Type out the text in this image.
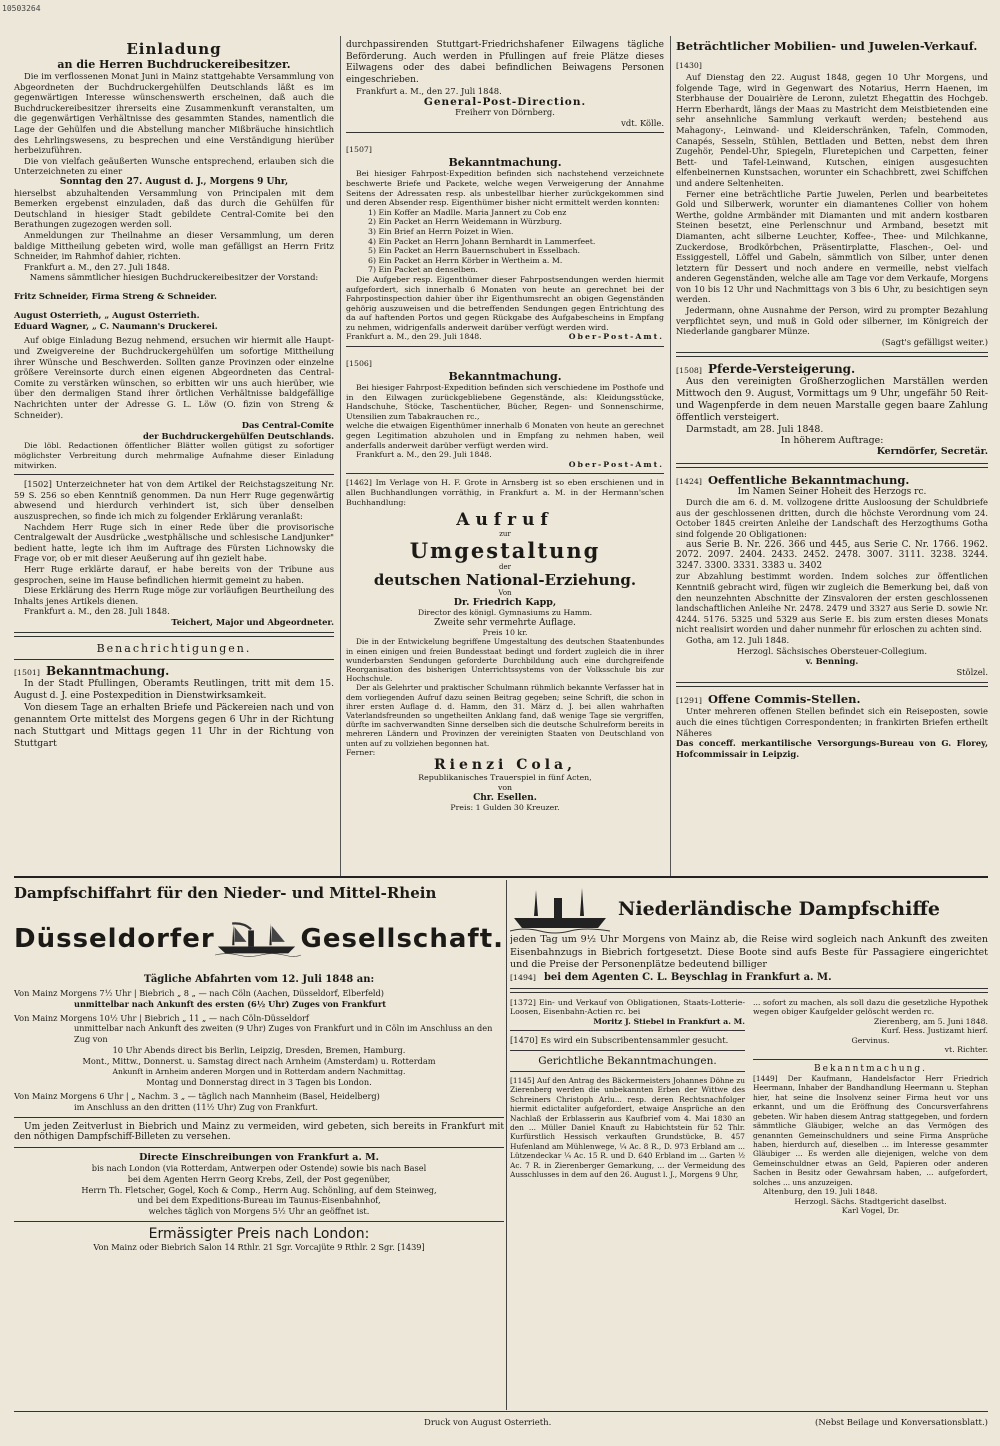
10503264
Einladung
an die Herren Buchdruckereibesitzer.

Die im verflossenen Monat Juni in Mainz stattgehabte Versammlung von Abgeordneten der Buchdruckergehülfen Deutschlands läßt es im gegenwärtigen Interesse wünschenswerth erscheinen, daß auch die Buchdruckereibesitzer ihrerseits eine Zusammenkunft veranstalten, um die gegenwärtigen Verhältnisse des gesammten Standes, namentlich die Lage der Gehülfen und die Abstellung mancher Mißbräuche hinsichtlich des Lehrlingswesens, zu besprechen und eine Verständigung hierüber herbeizuführen.

Die von vielfach geäußerten Wunsche entsprechend, erlauben sich die Unterzeichneten zu einer

Sonntag den 27. August d. J., Morgens 9 Uhr,

hierselbst abzuhaltenden Versammlung von Principalen mit dem Bemerken ergebenst einzuladen, daß das durch die Gehülfen für Deutschland in hiesiger Stadt gebildete Central-Comite bei den Berathungen zugezogen werden soll.

Anmeldungen zur Theilnahme an dieser Versammlung, um deren baldige Mittheilung gebeten wird, wolle man gefälligst an Herrn Fritz Schneider, im Rahmhof dahier, richten.

Frankfurt a. M., den 27. Juli 1848.

Namens sämmtlicher hiesigen Buchdruckereibesitzer der Vorstand:

Fritz Schneider, Firma Streng & Schneider.

August Osterrieth, „ August Osterrieth.

Eduard Wagner, „ C. Naumann's Druckerei.

Auf obige Einladung Bezug nehmend, ersuchen wir hiermit alle Haupt- und Zweigvereine der Buchdruckergehülfen um sofortige Mittheilung ihrer Wünsche und Beschwerden. Sollten ganze Provinzen oder einzelne größere Vereinsorte durch einen eigenen Abgeordneten das Central-Comite zu verstärken wünschen, so erbitten wir uns auch hierüber, wie über den dermaligen Stand ihrer örtlichen Verhältnisse baldgefällige Nachrichten unter der Adresse G. L. Löw (O. fizin von Streng & Schneider).

Das Central-Comite

der Buchdruckergehülfen Deutschlands.

Die löbl. Redactionen öffentlicher Blätter wollen gütigst zu sofortiger möglichster Verbreitung durch mehrmalige Aufnahme dieser Einladung mitwirken.

[1502] Unterzeichneter hat von dem Artikel der Reichstagszeitung Nr. 59 S. 256 so eben Kenntniß genommen. Da nun Herr Ruge gegenwärtig abwesend und hierdurch verhindert ist, sich über denselben auszusprechen, so finde ich mich zu folgender Erklärung veranlaßt:

Nachdem Herr Ruge sich in einer Rede über die provisorische Centralgewalt der Ausdrücke „westphälische und schlesische Landjunker" bedient hatte, legte ich ihm im Auftrage des Fürsten Lichnowsky die Frage vor, ob er mit dieser Aeußerung auf ihn gezielt habe.

Herr Ruge erklärte darauf, er habe bereits von der Tribune aus gesprochen, seine im Hause befindlichen hiermit gemeint zu haben.

Diese Erklärung des Herrn Ruge möge zur vorläufigen Beurtheilung des Inhalts jenes Artikels dienen.

Frankfurt a. M., den 28. Juli 1848.

Teichert, Major und Abgeordneter.

Benachrichtigungen.
[1501] Bekanntmachung.

In der Stadt Pfullingen, Oberamts Reutlingen, tritt mit dem 15. August d. J. eine Postexpedition in Dienstwirksamkeit.

Von diesem Tage an erhalten Briefe und Päckereien nach und von genanntem Orte mittelst des Morgens gegen 6 Uhr in der Richtung nach Stuttgart und Mittags gegen 11 Uhr in der Richtung von Stuttgart

durchpassirenden Stuttgart-Friedrichshafener Eilwagens tägliche Beförderung. Auch werden in Pfullingen auf freie Plätze dieses Eilwagens oder des dabei befindlichen Beiwagens Personen eingeschrieben.

Frankfurt a. M., den 27. Juli 1848.

General-Post-Direction.

Freiherr von Dörnberg.

vdt. Kölle.

[1507]
Bekanntmachung.

Bei hiesiger Fahrpost-Expedition befinden sich nachstehend verzeichnete beschwerte Briefe und Packete, welche wegen Verweigerung der Annahme Seitens der Adressaten resp. als unbestellbar hierher zurückgekommen sind und deren Absender resp. Eigenthümer bisher nicht ermittelt werden konnten:

1) Ein Koffer an Madlle. Maria Jannert zu Cob enz
2) Ein Packet an Herrn Weidemann in Würzburg.
3) Ein Brief an Herrn Poizet in Wien.
4) Ein Packet an Herrn Johann Bernhardt in Lammerfeet.
5) Ein Packet an Herrn Bauernschubert in Esselbach.
6) Ein Packet an Herrn Körber in Wertheim a. M.
7) Ein Packet an denselben.

Die Aufgeber resp. Eigenthümer dieser Fahrpostsendungen werden hiermit aufgefordert, sich innerhalb 6 Monaten von heute an gerechnet bei der Fahrpostinspection dahier über ihr Eigenthumsrecht an obigen Gegenständen gehörig auszuweisen und die betreffenden Sendungen gegen Entrichtung des da auf haftenden Portos und gegen Rückgabe des Aufgabescheins in Empfang zu nehmen, widrigenfalls anderweit darüber verfügt werden wird.

Frankfurt a. M., den 29. Juli 1848.	Ober-Post-Amt.
[1506]
Bekanntmachung.

Bei hiesiger Fahrpost-Expedition befinden sich verschiedene im Posthofe und in den Eilwagen zurückgebliebene Gegenstände, als: Kleidungsstücke, Handschuhe, Stöcke, Taschentücher, Bücher, Regen- und Sonnenschirme, Utensilien zum Tabakrauchen rc.,

welche die etwaigen Eigenthümer innerhalb 6 Monaten von heute an gerechnet gegen Legitimation abzuholen und in Empfang zu nehmen haben, weil anderfalls anderweit darüber verfügt werden wird.

Frankfurt a. M., den 29. Juli 1848.

Ober-Post-Amt.

[1462] Im Verlage von H. F. Grote in Arnsberg ist so eben erschienen und in allen Buchhandlungen vorräthig, in Frankfurt a. M. in der Hermann'schen Buchhandlung:

Aufruf
zur
Umgestaltung
der
deutschen National-Erziehung.
Von
Dr. Friedrich Kapp,
Director des königl. Gymnasiums zu Hamm.
Zweite sehr vermehrte Auflage.
Preis 10 kr.

Die in der Entwickelung begriffene Umgestaltung des deutschen Staatenbundes in einen einigen und freien Bundesstaat bedingt und fordert zugleich die in ihrer wunderbarsten Sendungen geforderte Durchbildung auch eine durchgreifende Reorganisation des bisherigen Unterrichtssystems von der Volksschule bis zur Hochschule.

Der als Gelehrter und praktischer Schulmann rühmlich bekannte Verfasser hat in dem vorliegenden Aufruf dazu seinen Beitrag gegeben; seine Schrift, die schon in ihrer ersten Auflage d. d. Hamm, den 31. März d. J. bei allen wahrhaften Vaterlandsfreunden so ungetheilten Anklang fand, daß wenige Tage sie vergriffen, dürfte im sachverwandten Sinne derselben sich die deutsche Schulreform bereits in mehreren Ländern und Provinzen der vereinigten Staaten von Deutschland von unten auf zu vollziehen begonnen hat.

Ferner:

Rienzi Cola,
Republikanisches Trauerspiel in fünf Acten,
von
Chr. Esellen.
Preis: 1 Gulden 30 Kreuzer.
Beträchtlicher Mobilien- und Juwelen-Verkauf.
[1430]

Auf Dienstag den 22. August 1848, gegen 10 Uhr Morgens, und folgende Tage, wird in Gegenwart des Notarius, Herrn Haenen, im Sterbhause der Douairière de Leronn, zuletzt Ehegattin des Hochgeb. Herrn Eberhardt, längs der Maas zu Mastricht dem Meistbietenden eine sehr ansehnliche Sammlung verkauft werden; bestehend aus Mahagony-, Leinwand- und Kleiderschränken, Tafeln, Commoden, Canapés, Sesseln, Stühlen, Bettladen und Betten, nebst dem ihren Zugehör, Pendel-Uhr, Spiegeln, Fluretepichen und Carpetten, feiner Bett- und Tafel-Leinwand, Kutschen, einigen ausgesuchten elfenbeinernen Kunstsachen, worunter ein Schachbrett, zwei Schiffchen und andere Seltenheiten.

Ferner eine beträchtliche Partie Juwelen, Perlen und bearbeitetes Gold und Silberwerk, worunter ein diamantenes Collier von hohem Werthe, goldne Armbänder mit Diamanten und mit andern kostbaren Steinen besetzt, eine Perlenschnur und Armband, besetzt mit Diamanten, acht silberne Leuchter, Koffee-, Thee- und Milchkanne, Zuckerdose, Brodkörbchen, Präsentirplatte, Flaschen-, Oel- und Essiggestell, Löffel und Gabeln, sämmtlich von Silber, unter denen letztern für Dessert und noch andere en vermeille, nebst vielfach anderen Gegenständen, welche alle am Tage vor dem Verkaufe, Morgens von 10 bis 12 Uhr und Nachmittags von 3 bis 6 Uhr, zu besichtigen seyn werden.

Jedermann, ohne Ausnahme der Person, wird zu prompter Bezahlung verpflichtet seyn, und muß in Gold oder silberner, im Königreich der Niederlande gangbarer Münze.

(Sagt's gefälligst weiter.)

[1508] Pferde-Versteigerung.

Aus den vereinigten Großherzoglichen Marställen werden Mittwoch den 9. August, Vormittags um 9 Uhr, ungefähr 50 Reit- und Wagenpferde in dem neuen Marstalle gegen baare Zahlung öffentlich versteigert.

Darmstadt, am 28. Juli 1848.

In höherem Auftrage:

Kerndörfer, Secretär.

[1424] Oeffentliche Bekanntmachung.

Im Namen Seiner Hoheit des Herzogs rc.

Durch die am 6. d. M. vollzogene dritte Ausloosung der Schuldbriefe aus der geschlossenen dritten, durch die höchste Verordnung vom 24. October 1845 creirten Anleihe der Landschaft des Herzogthums Gotha sind folgende 20 Obligationen:

aus Serie B. Nr. 226. 366 und 445, aus Serie C. Nr. 1766. 1962. 2072. 2097. 2404. 2433. 2452. 2478. 3007. 3111. 3238. 3244. 3247. 3300. 3331. 3383 u. 3402

zur Abzahlung bestimmt worden. Indem solches zur öffentlichen Kenntniß gebracht wird, fügen wir zugleich die Bemerkung bei, daß von den neunzehnten Abschnitte der Zinsvaloren der ersten geschlossenen landschaftlichen Anleihe Nr. 2478. 2479 und 3327 aus Serie D. sowie Nr. 4244. 5176. 5325 und 5329 aus Serie E. bis zum ersten dieses Monats nicht realisirt worden und daher nunmehr für erloschen zu achten sind.

Gotha, am 12. Juli 1848.

Herzogl. Sächsisches Obersteuer-Collegium.

v. Benning.

Stölzel.

[1291] Offene Commis-Stellen.

Unter mehreren offenen Stellen befindet sich ein Reiseposten, sowie auch die eines tüchtigen Correspondenten; in frankirten Briefen ertheilt Näheres

Das conceff. merkantilische Versorgungs-Bureau von G. Florey, Hofcommissair in Leipzig.

Dampfschiffahrt für den Nieder- und Mittel-Rhein
Düsseldorfer	Gesellschaft.
Tägliche Abfahrten vom 12. Juli 1848 an:
Von Mainz Morgens 7½ Uhr | Biebrich „ 8 „ — nach Cöln (Aachen, Düsseldorf, Elberfeld)
unmittelbar nach Ankunft des ersten (6½ Uhr) Zuges von Frankfurt
Von Mainz Morgens 10½ Uhr | Biebrich „ 11 „ — nach Cöln-Düsseldorf
unmittelbar nach Ankunft des zweiten (9 Uhr) Zuges von Frankfurt und in Cöln im Anschluss an den Zug von
10 Uhr Abends direct bis Berlin, Leipzig, Dresden, Bremen, Hamburg.
Mont., Mittw., Donnerst. u. Samstag direct nach Arnheim (Amsterdam) u. Rotterdam
Ankunft in Arnheim anderen Morgen und in Rotterdam andern Nachmittag.
Montag und Donnerstag direct in 3 Tagen bis London.
Von Mainz Morgens 6 Uhr | „ Nachm. 3 „ — täglich nach Mannheim (Basel, Heidelberg)
im Anschluss an den dritten (11½ Uhr) Zug von Frankfurt.

Um jeden Zeitverlust in Biebrich und Mainz zu vermeiden, wird gebeten, sich bereits in Frankfurt mit den nöthigen Dampfschiff-Billeten zu versehen.

Directe Einschreibungen von Frankfurt a. M.
bis nach London (via Rotterdam, Antwerpen oder Ostende) sowie bis nach Basel
bei dem Agenten Herrn Georg Krebs, Zeil, der Post gegenüber,
Herrn Th. Fletscher, Gogel, Koch & Comp., Herrn Aug. Schönling, auf dem Steinweg,
und bei dem Expeditions-Bureau im Taunus-Eisenbahnhof,
welches täglich von Morgens 5½ Uhr an geöffnet ist.
Ermässigter Preis nach London:
Von Mainz oder Biebrich Salon 14 Rthlr. 21 Sgr. Vorcajüte 9 Rthlr. 2 Sgr. [1439]
Niederländische Dampfschiffe

jeden Tag um 9½ Uhr Morgens von Mainz ab, die Reise wird sogleich nach Ankunft des zweiten Eisenbahnzugs in Biebrich fortgesetzt. Diese Boote sind aufs Beste für Passagiere eingerichtet und die Preise der Personenplätze bedeutend billiger

[1494] bei dem Agenten C. L. Beyschlag in Frankfurt a. M.

[1372] Ein- und Verkauf von Obligationen, Staats-Lotterie-Loosen, Eisenbahn-Actien rc. bei

Moritz J. Stiebel in Frankfurt a. M.

[1470] Es wird ein Subscribentensammler gesucht.

Gerichtliche Bekanntmachungen.

[1145] Auf den Antrag des Bäckermeisters Johannes Döhne zu Zierenberg werden die unbekannten Erben der Wittwe des Schreiners Christoph Arlu... resp. deren Rechtsnachfolger hiermit edictaliter aufgefordert, etwaige Ansprüche an den Nachlaß der Erblasserin aus Kaufbrief vom 4. Mai 1830 an den ... Müller Daniel Knauft zu Habichtstein für 52 Thlr. Kurfürstlich Hessisch verkauften Grundstücke, B. 457 Hufenland am Mühlenwege, ¼ Ac. 8 R., D. 973 Erbland am ... Lützendeckar ¼ Ac. 15 R. und D. 640 Erbland im ... Garten ½ Ac. 7 R. in Zierenberger Gemarkung, ... der Vermeidung des Ausschlusses in dem auf den 26. August l. J., Morgens 9 Uhr,

... sofort zu machen, als soll dazu die gesetzliche Hypothek wegen obiger Kaufgelder gelöscht werden rc.

Zierenberg, am 5. Juni 1848.

Kurf. Hess. Justizamt hierf.

Gervinus.

vt. Richter.

Bekanntmachung.

[1449] Der Kaufmann, Handelsfactor Herr Friedrich Heermann, Inhaber der Bandhandlung Heermann u. Stephan hier, hat seine die Insolvenz seiner Firma heut vor uns erkannt, und um die Eröffnung des Concursverfahrens gebeten. Wir haben diesem Antrag stattgegeben, und fordern sämmtliche Gläubiger, welche an das Vermögen des genannten Gemeinschuldners und seine Firma Ansprüche haben, hierdurch auf, dieselben ... im Interesse gesammter Gläubiger ... Es werden alle diejenigen, welche von dem Gemeinschuldner etwas an Geld, Papieren oder anderen Sachen in Besitz oder Gewahrsam haben, ... aufgefordert, solches ... uns anzuzeigen.

Altenburg, den 19. Juli 1848.

Herzogl. Sächs. Stadtgericht daselbst.

Karl Vogel, Dr.

Druck von August Osterrieth.	(Nebst Beilage und Konversationsblatt.)
